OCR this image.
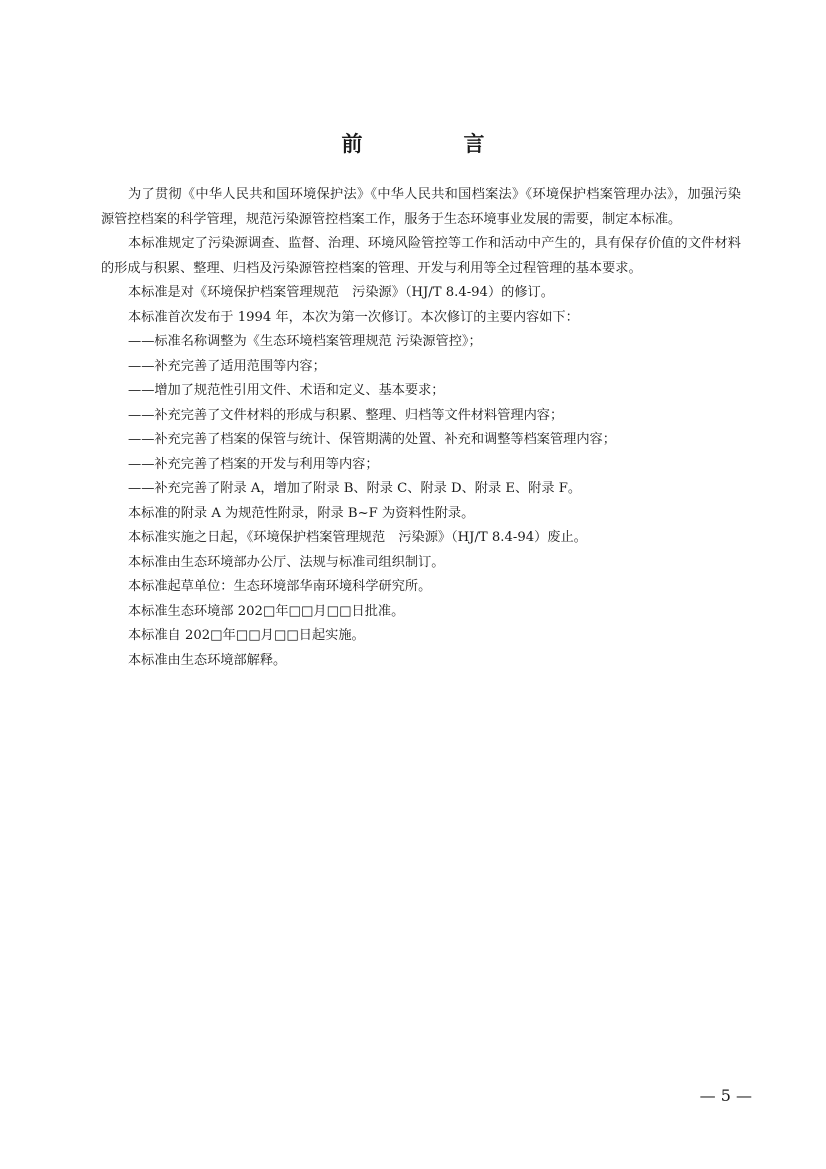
前　言

为了贯彻《中华人民共和国环境保护法》《中华人民共和国档案法》《环境保护档案管理办法》，加强污染源管控档案的科学管理，规范污染源管控档案工作，服务于生态环境事业发展的需要，制定本标准。

本标准规定了污染源调查、监督、治理、环境风险管控等工作和活动中产生的，具有保存价值的文件材料的形成与积累、整理、归档及污染源管控档案的管理、开发与利用等全过程管理的基本要求。

本标准是对《环境保护档案管理规范　污染源》（HJ/T 8.4-94）的修订。

本标准首次发布于 1994 年，本次为第一次修订。本次修订的主要内容如下：

——标准名称调整为《生态环境档案管理规范 污染源管控》；

——补充完善了适用范围等内容；

——增加了规范性引用文件、术语和定义、基本要求；

——补充完善了文件材料的形成与积累、整理、归档等文件材料管理内容；

——补充完善了档案的保管与统计、保管期满的处置、补充和调整等档案管理内容；

——补充完善了档案的开发与利用等内容；

——补充完善了附录 A，增加了附录 B、附录 C、附录 D、附录 E、附录 F。

本标准的附录 A 为规范性附录，附录 B~F 为资料性附录。

本标准实施之日起，《环境保护档案管理规范　污染源》（HJ/T 8.4-94）废止。

本标准由生态环境部办公厅、法规与标准司组织制订。

本标准起草单位：生态环境部华南环境科学研究所。

本标准生态环境部 202□年□□月□□日批准。

本标准自 202□年□□月□□日起实施。

本标准由生态环境部解释。

— 5 —
